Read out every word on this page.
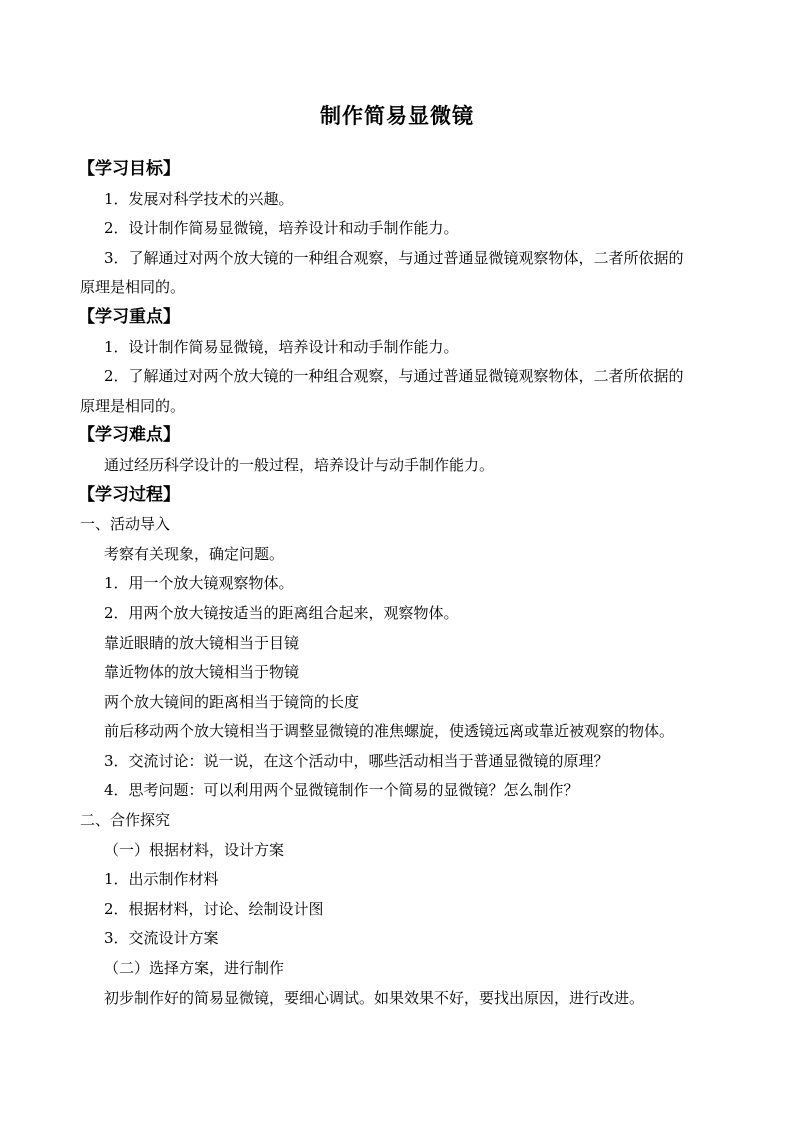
制作简易显微镜
【学习目标】
1．发展对科学技术的兴趣。
2．设计制作简易显微镜，培养设计和动手制作能力。
3．了解通过对两个放大镜的一种组合观察，与通过普通显微镜观察物体，二者所依据的
原理是相同的。
【学习重点】
1．设计制作简易显微镜，培养设计和动手制作能力。
2．了解通过对两个放大镜的一种组合观察，与通过普通显微镜观察物体，二者所依据的
原理是相同的。
【学习难点】
通过经历科学设计的一般过程，培养设计与动手制作能力。
【学习过程】
一、活动导入
考察有关现象，确定问题。
1．用一个放大镜观察物体。
2．用两个放大镜按适当的距离组合起来，观察物体。
靠近眼睛的放大镜相当于目镜
靠近物体的放大镜相当于物镜
两个放大镜间的距离相当于镜筒的长度
前后移动两个放大镜相当于调整显微镜的准焦螺旋，使透镜远离或靠近被观察的物体。
3．交流讨论：说一说，在这个活动中，哪些活动相当于普通显微镜的原理？
4．思考问题：可以利用两个显微镜制作一个简易的显微镜？怎么制作？
二、合作探究
（一）根据材料，设计方案
1．出示制作材料
2．根据材料，讨论、绘制设计图
3．交流设计方案
（二）选择方案，进行制作
初步制作好的简易显微镜，要细心调试。如果效果不好，要找出原因，进行改进。
